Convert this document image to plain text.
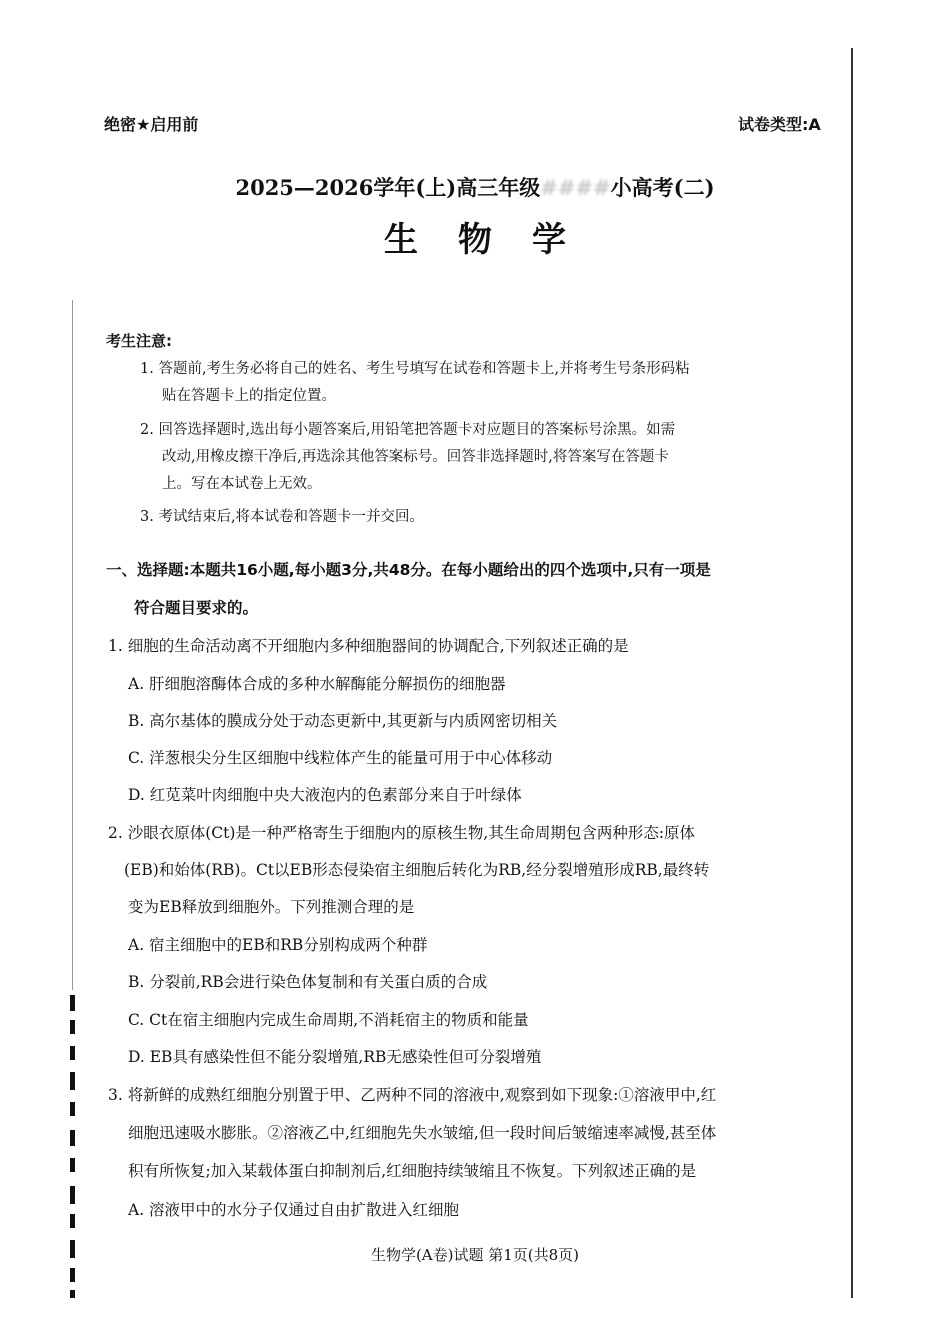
绝密★启用前	试卷类型:A
2025—2026学年(上)高三年级####小高考(二)
生物学
考生注意:
1. 答题前,考生务必将自己的姓名、考生号填写在试卷和答题卡上,并将考生号条形码粘
贴在答题卡上的指定位置。
2. 回答选择题时,选出每小题答案后,用铅笔把答题卡对应题目的答案标号涂黑。如需
改动,用橡皮擦干净后,再选涂其他答案标号。回答非选择题时,将答案写在答题卡
上。写在本试卷上无效。
3. 考试结束后,将本试卷和答题卡一并交回。
一、选择题:本题共16小题,每小题3分,共48分。在每小题给出的四个选项中,只有一项是
符合题目要求的。
1. 细胞的生命活动离不开细胞内多种细胞器间的协调配合,下列叙述正确的是
A. 肝细胞溶酶体合成的多种水解酶能分解损伤的细胞器
B. 高尔基体的膜成分处于动态更新中,其更新与内质网密切相关
C. 洋葱根尖分生区细胞中线粒体产生的能量可用于中心体移动
D. 红苋菜叶肉细胞中央大液泡内的色素部分来自于叶绿体
2. 沙眼衣原体(Ct)是一种严格寄生于细胞内的原核生物,其生命周期包含两种形态:原体
(EB)和始体(RB)。Ct以EB形态侵染宿主细胞后转化为RB,经分裂增殖形成RB,最终转
变为EB释放到细胞外。下列推测合理的是
A. 宿主细胞中的EB和RB分别构成两个种群
B. 分裂前,RB会进行染色体复制和有关蛋白质的合成
C. Ct在宿主细胞内完成生命周期,不消耗宿主的物质和能量
D. EB具有感染性但不能分裂增殖,RB无感染性但可分裂增殖
3. 将新鲜的成熟红细胞分别置于甲、乙两种不同的溶液中,观察到如下现象:①溶液甲中,红
细胞迅速吸水膨胀。②溶液乙中,红细胞先失水皱缩,但一段时间后皱缩速率减慢,甚至体
积有所恢复;加入某载体蛋白抑制剂后,红细胞持续皱缩且不恢复。下列叙述正确的是
A. 溶液甲中的水分子仅通过自由扩散进入红细胞
生物学(A卷)试题 第1页(共8页)
